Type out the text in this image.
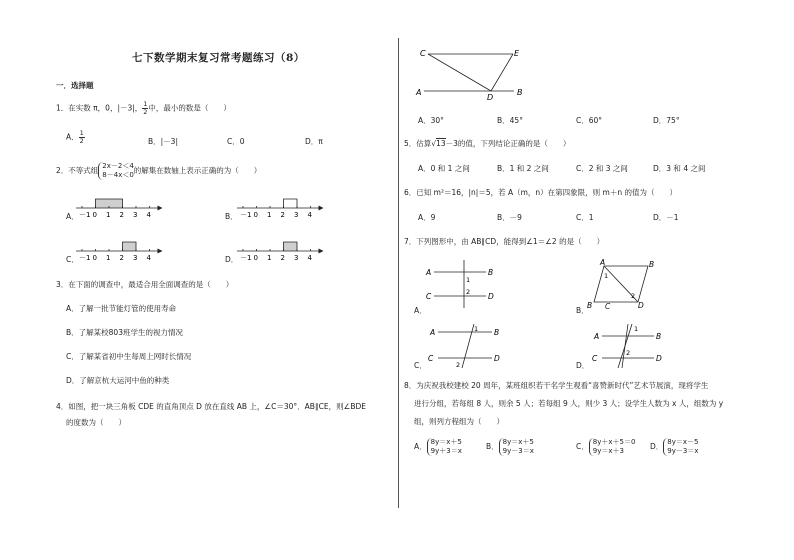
七下数学期末复习常考题练习（8）
一．选择题
1．在实数 π，0，|－3|， $\frac{1}{2}$ 中，最小的数是（　　）
A． $\frac{1}{2}$	B．|－3|	C．0	D．π
2．不等式组 2x－2＜4
8－4x＜0 的解集在数轴上表示正确的为（　　）
A．	B．
C．	D．
－1 0 1 2 3 4	－1 0 1 2 3 4
－1 0 1 2 3 4	－1 0 1 2 3 4
3．在下面的调查中，最适合用全面调查的是（　　）
A．了解一批节能灯管的使用寿命
B．了解某校803班学生的视力情况
C．了解某省初中生每周上网时长情况
D．了解京杭大运河中鱼的种类
4．如图，把一块三角板 CDE 的直角顶点 D 放在直线 AB 上，∠C＝30°．AB∥CE，则∠BDE
的度数为（　　）
C	E
A
D
B
A．30°	B．45°	C．60°	D．75°
5．估算√13－3的值，下列结论正确的是（　　）
A．0 和 1 之间	B．1 和 2 之间	C．2 和 3 之间	D．3 和 4 之间
6．已知 m²＝16，|n|＝5，若 A（m，n）在第四象限，则 m＋n 的值为（　　）
A．9	B．－9	C．1	D．－1
7．下列图形中，由 AB∥CD，能得到∠1＝∠2 的是（　　）
A	B
C	D
1
2
A．
A	B
B	D
1
2
B． C
A	B
C	D
1
2
C．
A	B
C	D
1
2
D．
8．为庆祝我校建校 20 周年，某班组织若干名学生观看“喜赞新时代”艺术节展演，现将学生
进行分组，若每组 8 人，则余 5 人；若每组 9 人，则少 3 人；设学生人数为 x 人，组数为 y
组，则列方程组为（　　）
A． 8y＝x＋5
9y＋3＝x	B． 8y＝x＋5
9y－3＝x	C． 8y＋x＋5＝0
9y＝x＋3	D． 8y＝x－5
9y－3＝x
